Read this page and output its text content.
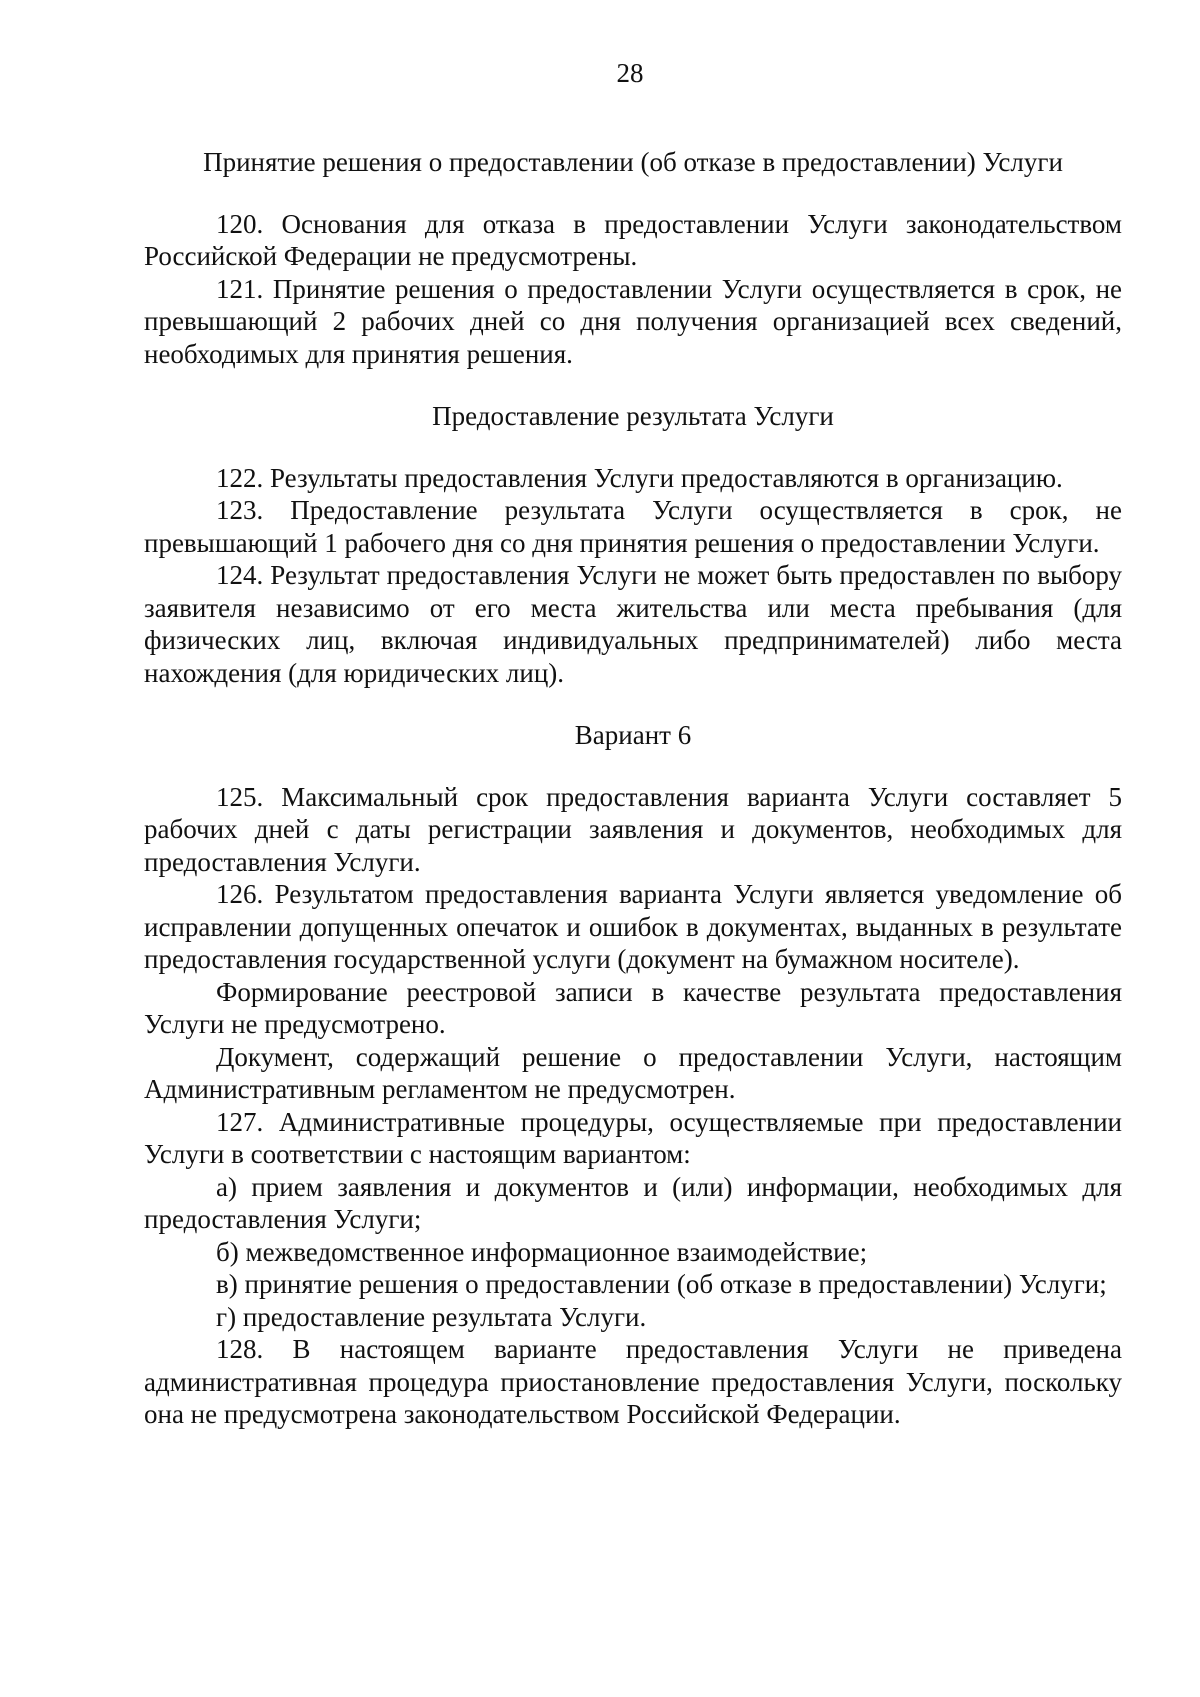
28
Принятие решения о предоставлении (об отказе в предоставлении) Услуги

120. Основания для отказа в предоставлении Услуги законодательством Российской Федерации не предусмотрены.

121. Принятие решения о предоставлении Услуги осуществляется в срок, не превышающий 2 рабочих дней со дня получения организацией всех сведений, необходимых для принятия решения.

Предоставление результата Услуги

122. Результаты предоставления Услуги предоставляются в организацию.

123. Предоставление результата Услуги осуществляется в срок, не превышающий 1 рабочего дня со дня принятия решения о предоставлении Услуги.

124. Результат предоставления Услуги не может быть предоставлен по выбору заявителя независимо от его места жительства или места пребывания (для физических лиц, включая индивидуальных предпринимателей) либо места нахождения (для юридических лиц).

Вариант 6

125. Максимальный срок предоставления варианта Услуги составляет 5 рабочих дней с даты регистрации заявления и документов, необходимых для предоставления Услуги.

126. Результатом предоставления варианта Услуги является уведомление об исправлении допущенных опечаток и ошибок в документах, выданных в результате предоставления государственной услуги (документ на бумажном носителе).

Формирование реестровой записи в качестве результата предоставления Услуги не предусмотрено.

Документ, содержащий решение о предоставлении Услуги, настоящим Административным регламентом не предусмотрен.

127. Административные процедуры, осуществляемые при предоставлении Услуги в соответствии с настоящим вариантом:

а) прием заявления и документов и (или) информации, необходимых для предоставления Услуги;

б) межведомственное информационное взаимодействие;

в) принятие решения о предоставлении (об отказе в предоставлении) Услуги;

г) предоставление результата Услуги.

128. В настоящем варианте предоставления Услуги не приведена административная процедура приостановление предоставления Услуги, поскольку она не предусмотрена законодательством Российской Федерации.
